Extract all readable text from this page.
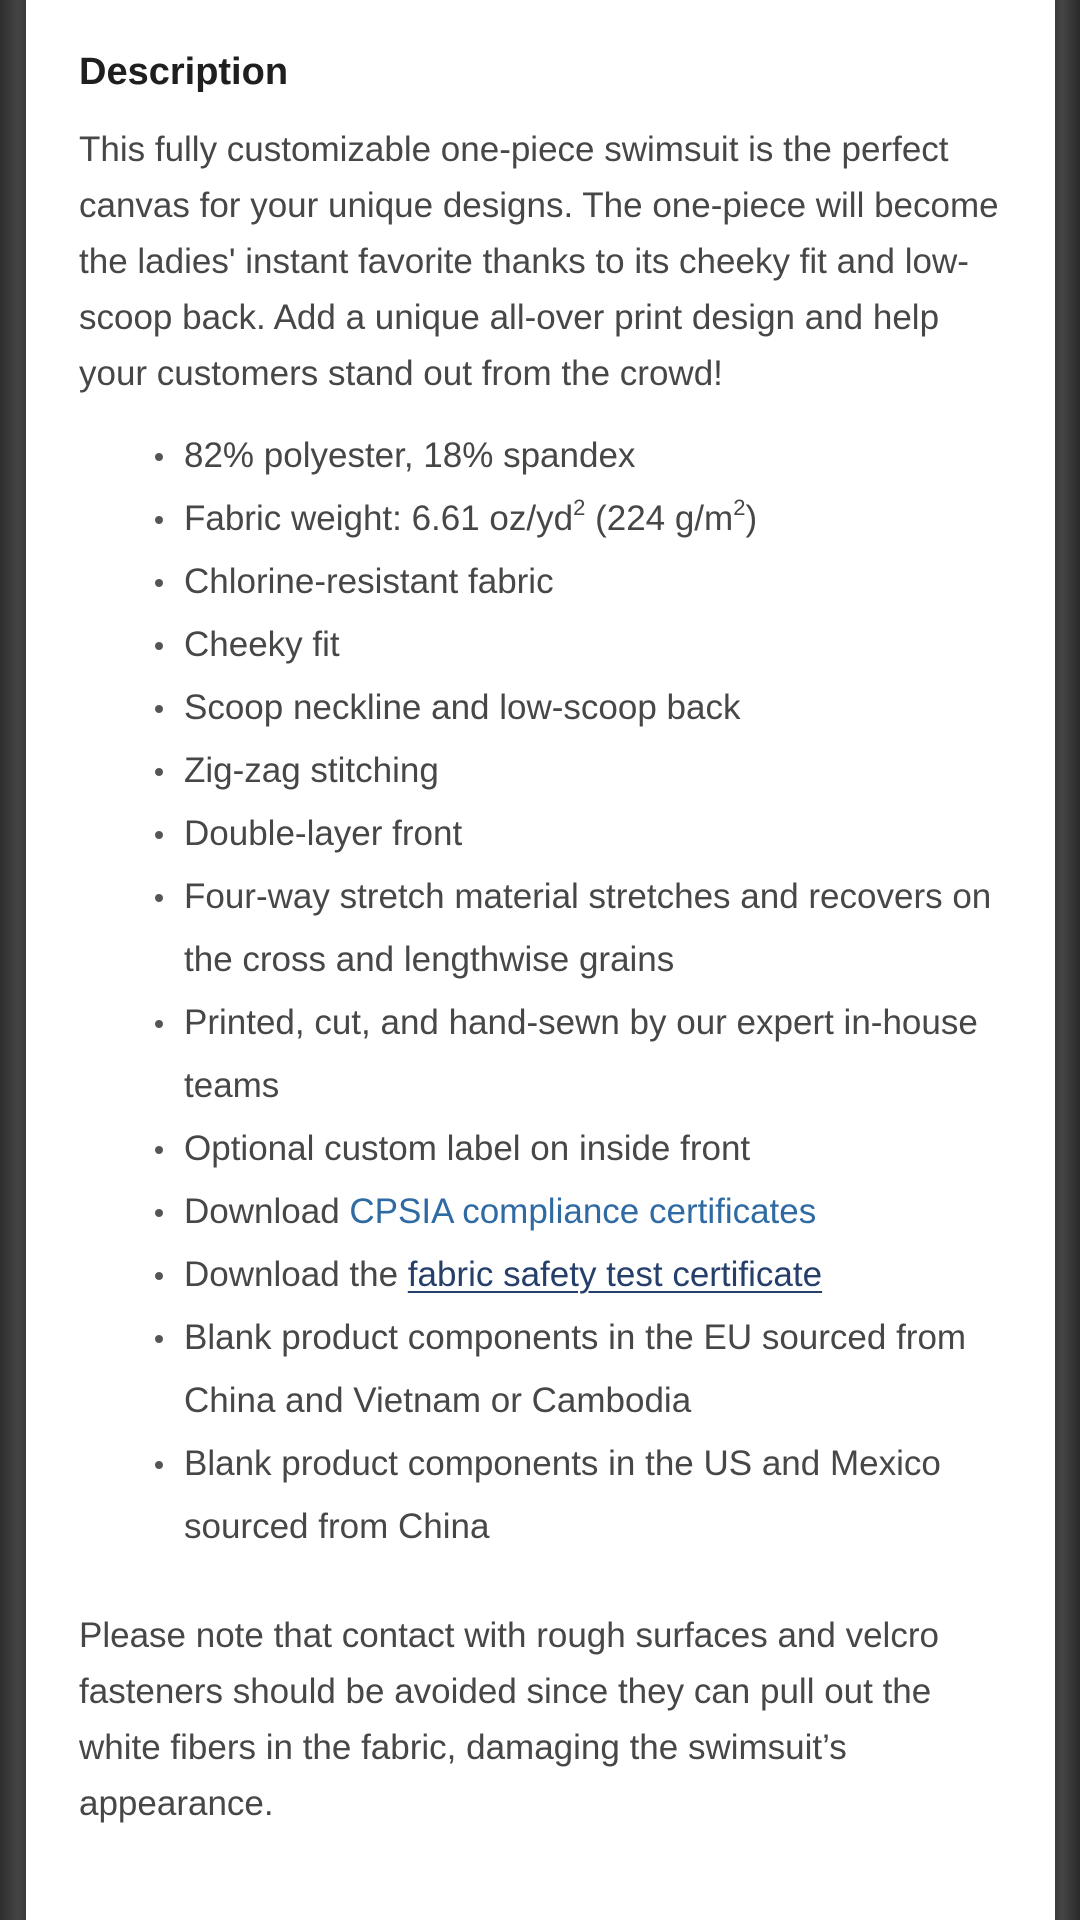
Description

This fully customizable one-piece swimsuit is the perfect canvas for your unique designs. The one-piece will become the ladies' instant favorite thanks to its cheeky fit and low-scoop back. Add a unique all-over print design and help your customers stand out from the crowd!

82% polyester, 18% spandex
Fabric weight: 6.61 $oz/yd^2$ (224 $g/m^2$)
Chlorine-resistant fabric
Cheeky fit
Scoop neckline and low-scoop back
Zig-zag stitching
Double-layer front
Four-way stretch material stretches and recovers on the cross and lengthwise grains
Printed, cut, and hand-sewn by our expert in-house teams
Optional custom label on inside front
Download CPSIA compliance certificates
Download the fabric safety test certificate
Blank product components in the EU sourced from China and Vietnam or Cambodia
Blank product components in the US and Mexico sourced from China

Please note that contact with rough surfaces and velcro fasteners should be avoided since they can pull out the white fibers in the fabric, damaging the swimsuit’s appearance.
